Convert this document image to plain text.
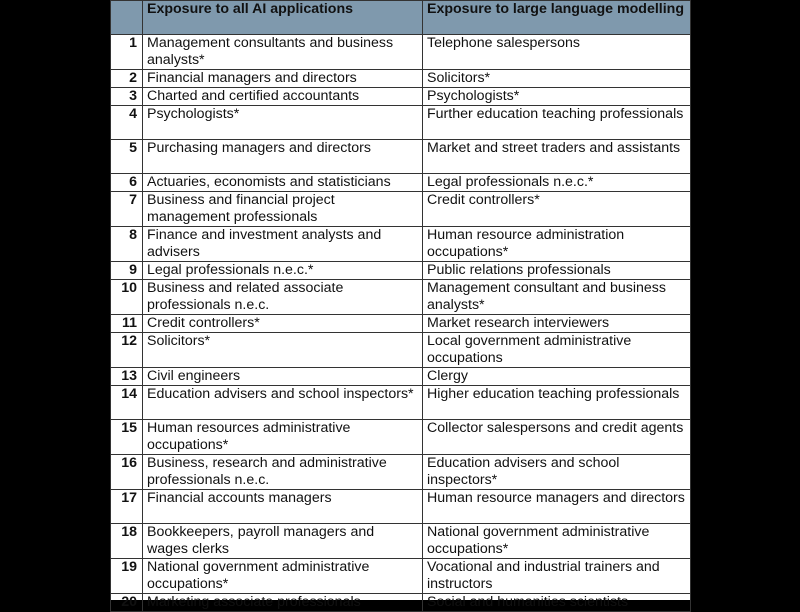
	Exposure to all AI applications	Exposure to large language modelling
1	Management consultants and business analysts*	Telephone salespersons
2	Financial managers and directors	Solicitors*
3	Charted and certified accountants	Psychologists*
4	Psychologists*	Further education teaching professionals
5	Purchasing managers and directors	Market and street traders and assistants
6	Actuaries, economists and statisticians	Legal professionals n.e.c.*
7	Business and financial project management professionals	Credit controllers*
8	Finance and investment analysts and advisers	Human resource administration occupations*
9	Legal professionals n.e.c.*	Public relations professionals
10	Business and related associate professionals n.e.c.	Management consultant and business analysts*
11	Credit controllers*	Market research interviewers
12	Solicitors*	Local government administrative occupations
13	Civil engineers	Clergy
14	Education advisers and school inspectors*	Higher education teaching professionals
15	Human resources administrative occupations*	Collector salespersons and credit agents
16	Business, research and administrative professionals n.e.c.	Education advisers and school inspectors*
17	Financial accounts managers	Human resource managers and directors
18	Bookkeepers, payroll managers and wages clerks	National government administrative occupations*
19	National government administrative occupations*	Vocational and industrial trainers and instructors
20	Marketing associate professionals	Social and humanities scientists
